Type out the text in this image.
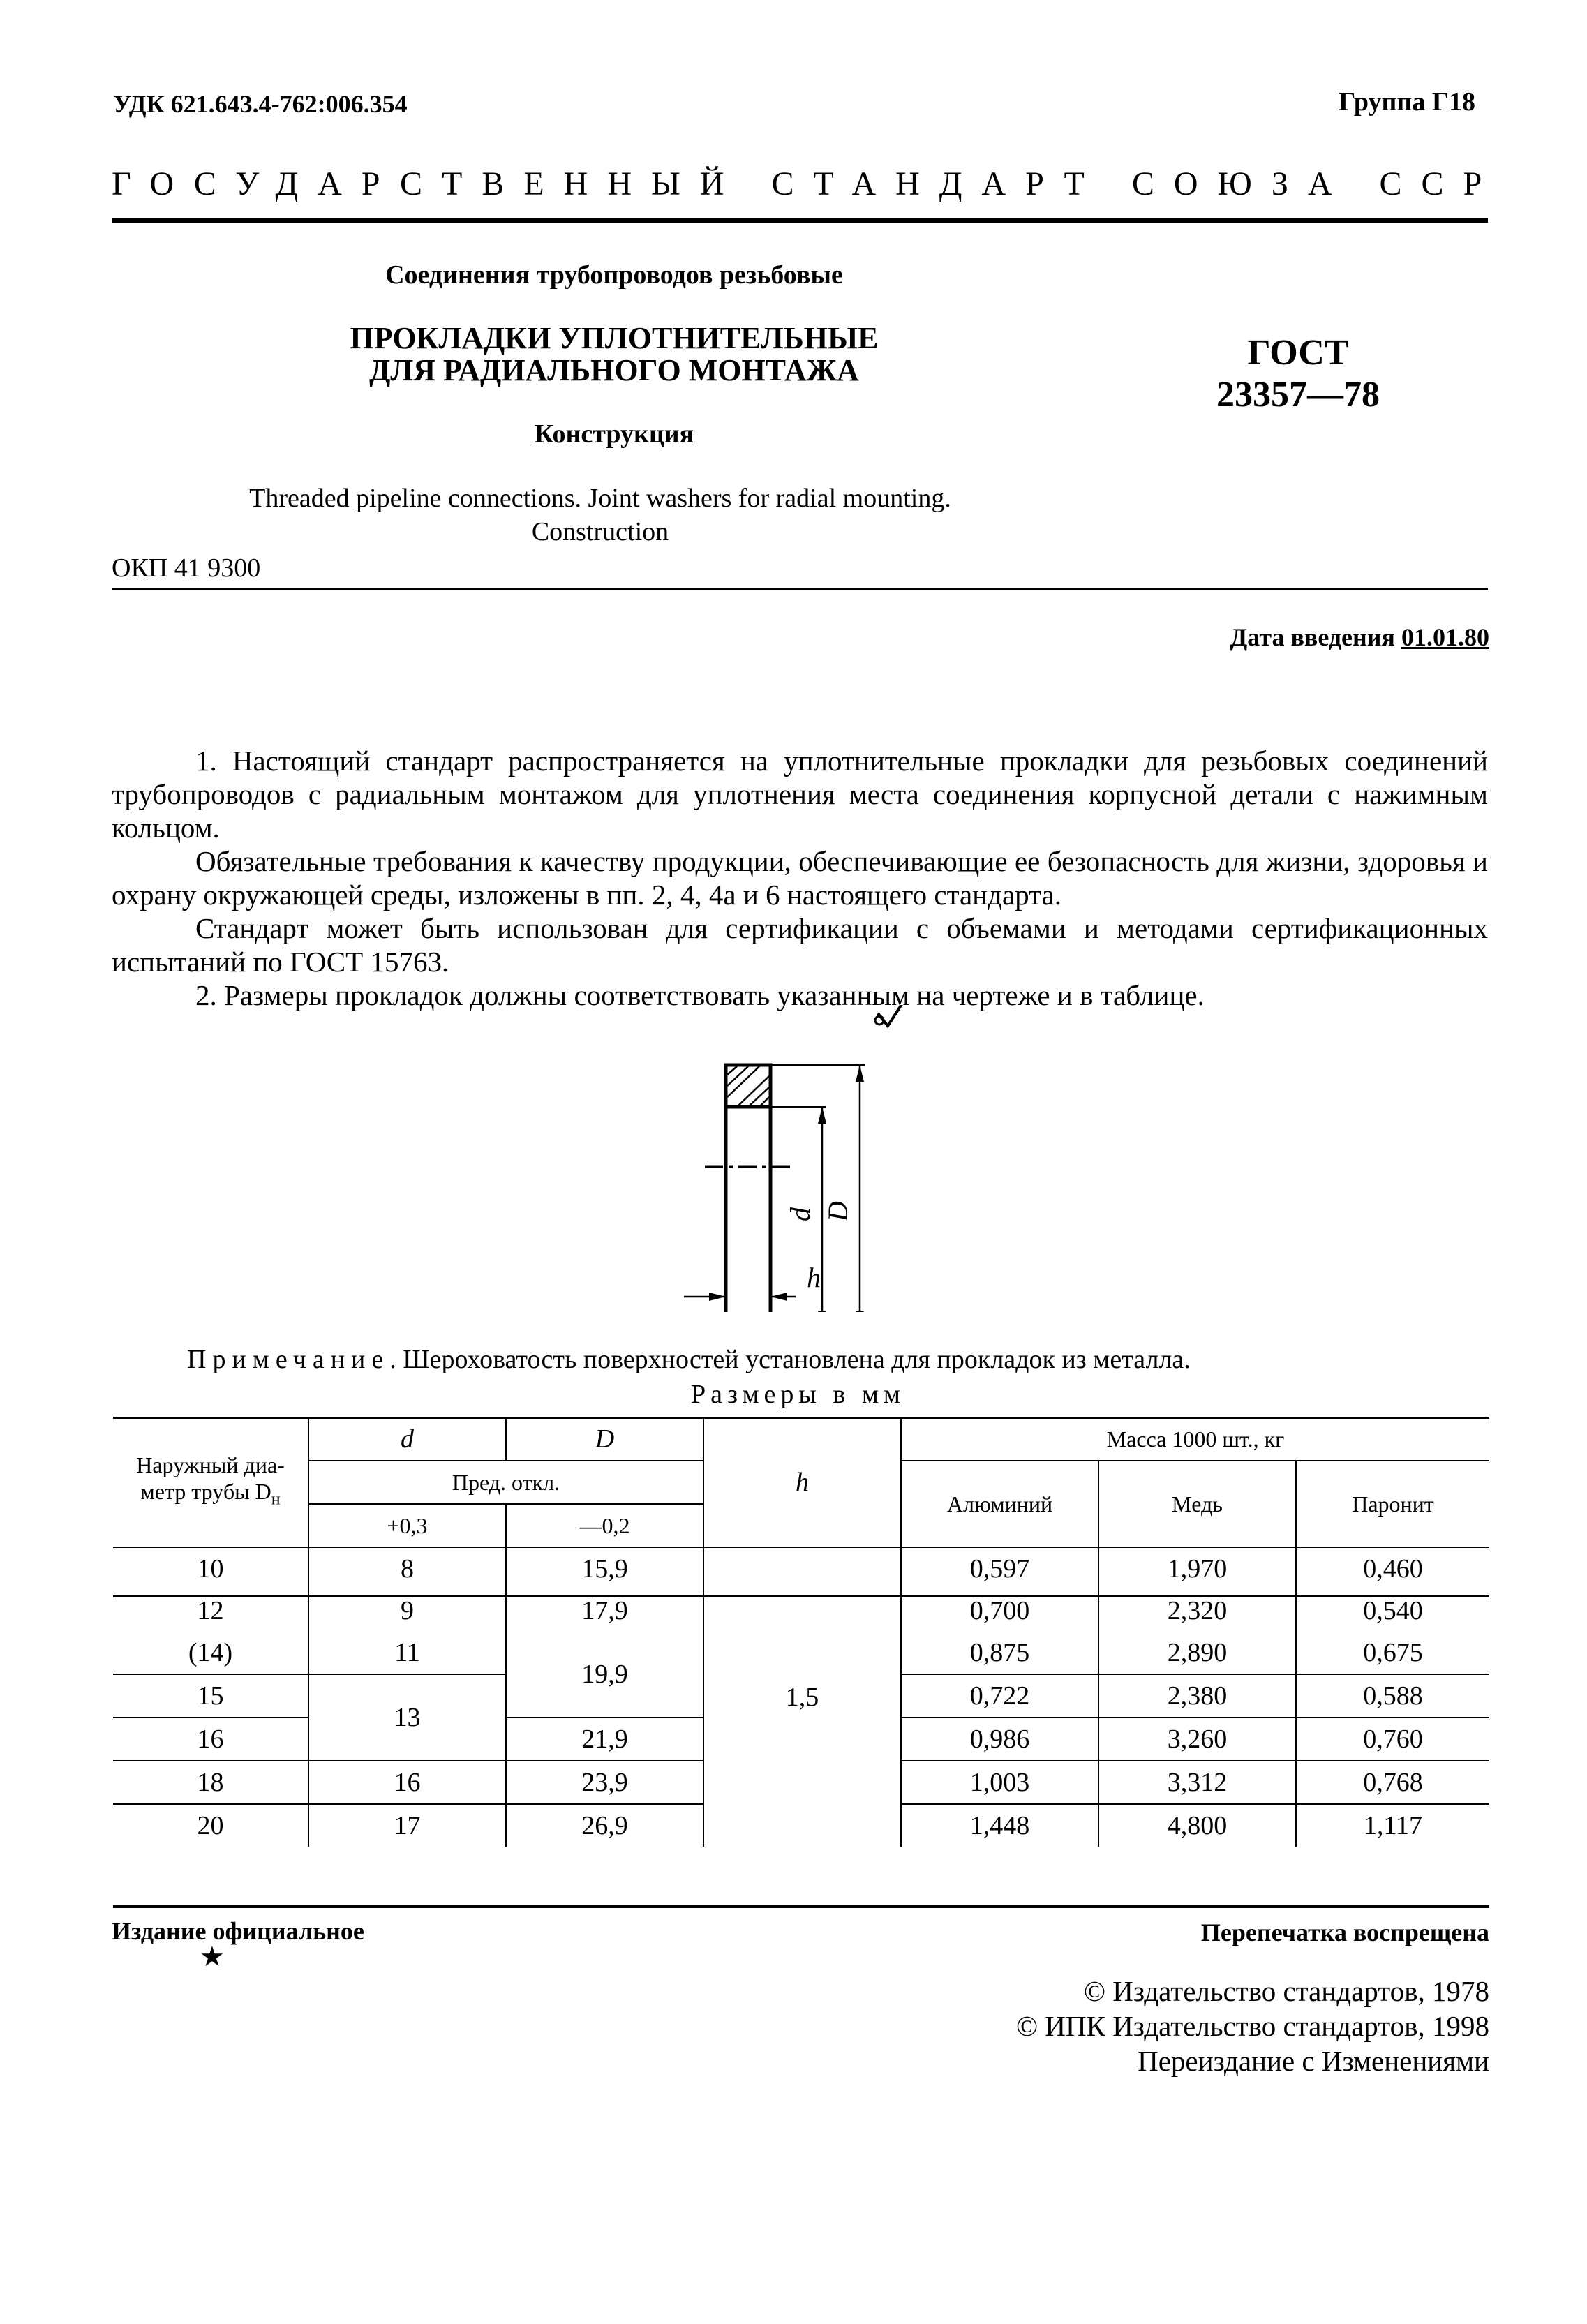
УДК 621.643.4-762:006.354	Группа Г18
ГОСУДАРСТВЕННЫЙ СТАНДАРТ СОЮЗА ССР
Соединения трубопроводов резьбовые
ПРОКЛАДКИ УПЛОТНИТЕЛЬНЫЕ
ДЛЯ РАДИАЛЬНОГО МОНТАЖА
Конструкция
Threaded pipeline connections. Joint washers for radial mounting.
Construction
ГОСТ
23357—78
ОКП 41 9300
Дата введения 01.01.80

1. Настоящий стандарт распространяется на уплотнительные прокладки для резьбовых соединений трубопроводов с радиальным монтажом для уплотнения места соединения корпусной детали с нажимным кольцом.

Обязательные требования к качеству продукции, обеспечивающие ее безопасность для жизни, здоровья и охрану окружающей среды, изложены в пп. 2, 4, 4а и 6 настоящего стандарта.

Стандарт может быть использован для сертификации с объемами и методами сертификационных испытаний по ГОСТ 15763.

2. Размеры прокладок должны соответствовать указанным на чертеже и в таблице.

d D
h
Примечание. Шероховатость поверхностей установлена для прокладок из металла.
Размеры в мм
Наружный диа-
метр трубы $D_н$	d	D	h	Масса 1000 шт., кг		
	Пред. откл.			Алюминий	Медь	Паронит
	+0,3	—0,2				
10	8	15,9	1,5	0,597	1,970	0,460
12	9	17,9		0,700	2,320	0,540
(14)	11	19,9		0,875	2,890	0,675
15	13			0,722	2,380	0,588
16		21,9		0,986	3,260	0,760
18	16	23,9		1,003	3,312	0,768
20	17	26,9		1,448	4,800	1,117
Издание официальное
★
Перепечатка воспрещена
© Издательство стандартов, 1978
© ИПК Издательство стандартов, 1998
Переиздание с Изменениями
